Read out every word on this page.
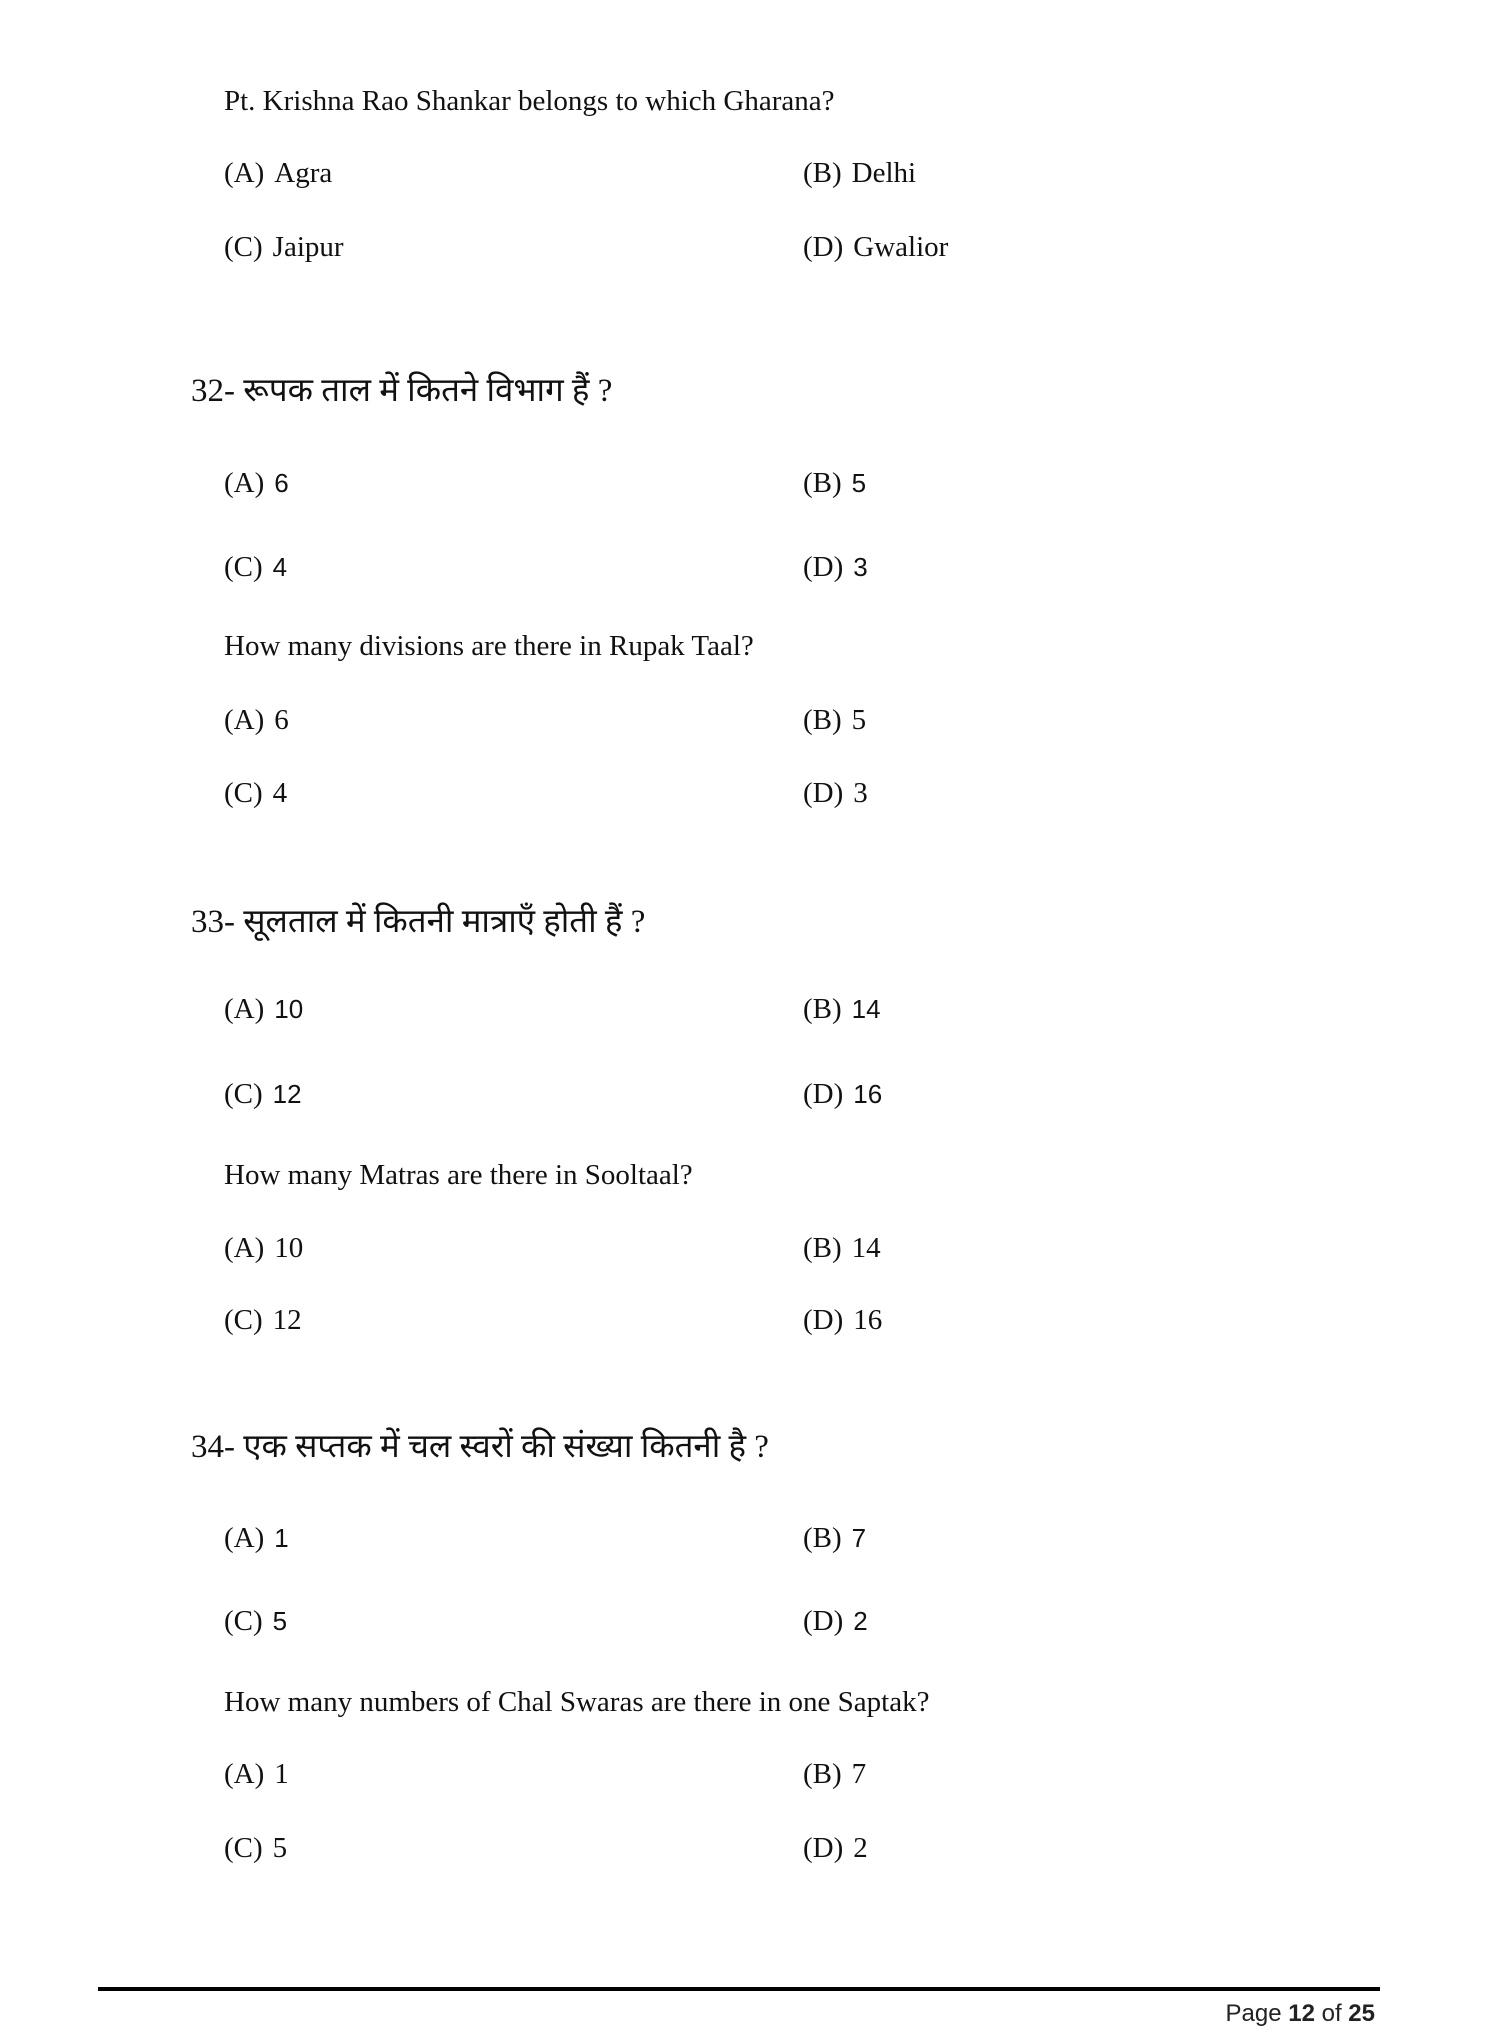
Pt. Krishna Rao Shankar belongs to which Gharana?
(A) Agra	(B) Delhi
(C) Jaipur	(D) Gwalior
32- रूपक ताल में कितने विभाग हैं ?
(A) 6	(B) 5
(C) 4	(D) 3
How many divisions are there in Rupak Taal?
(A) 6	(B) 5
(C) 4	(D) 3
33- सूलताल में कितनी मात्राएँ होती हैं ?
(A) 10	(B) 14
(C) 12	(D) 16
How many Matras are there in Sooltaal?
(A) 10	(B) 14
(C) 12	(D) 16
34- एक सप्तक में चल स्वरों की संख्या कितनी है ?
(A) 1	(B) 7
(C) 5	(D) 2
How many numbers of Chal Swaras are there in one Saptak?
(A) 1	(B) 7
(C) 5	(D) 2
Page 12 of 25
